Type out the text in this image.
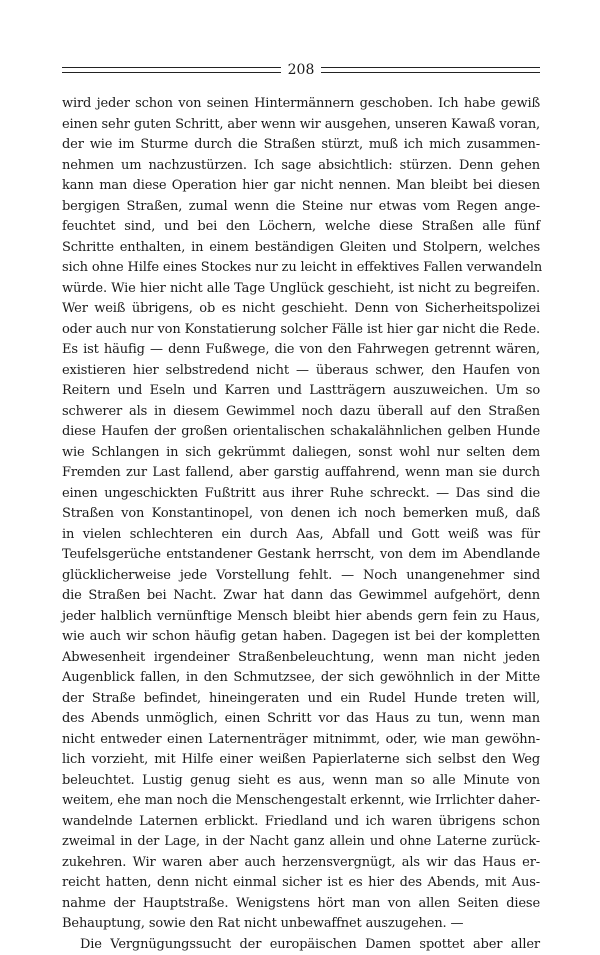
208
wird jeder schon von seinen Hintermännern geschoben. Ich habe gewiß
einen sehr guten Schritt, aber wenn wir ausgehen, unseren Kawaß voran,
der wie im Sturme durch die Straßen stürzt, muß ich mich zusammen-
nehmen um nachzustürzen. Ich sage absichtlich: stürzen. Denn gehen
kann man diese Operation hier gar nicht nennen. Man bleibt bei diesen
bergigen Straßen, zumal wenn die Steine nur etwas vom Regen ange-
feuchtet sind, und bei den Löchern, welche diese Straßen alle fünf
Schritte enthalten, in einem beständigen Gleiten und Stolpern, welches
sich ohne Hilfe eines Stockes nur zu leicht in effektives Fallen verwandeln
würde. Wie hier nicht alle Tage Unglück geschieht, ist nicht zu begreifen.
Wer weiß übrigens, ob es nicht geschieht. Denn von Sicherheitspolizei
oder auch nur von Konstatierung solcher Fälle ist hier gar nicht die Rede.
Es ist häufig — denn Fußwege, die von den Fahrwegen getrennt wären,
existieren hier selbstredend nicht — überaus schwer, den Haufen von
Reitern und Eseln und Karren und Lastträgern auszuweichen. Um so
schwerer als in diesem Gewimmel noch dazu überall auf den Straßen
diese Haufen der großen orientalischen schakalähnlichen gelben Hunde
wie Schlangen in sich gekrümmt daliegen, sonst wohl nur selten dem
Fremden zur Last fallend, aber garstig auffahrend, wenn man sie durch
einen ungeschickten Fußtritt aus ihrer Ruhe schreckt. — Das sind die
Straßen von Konstantinopel, von denen ich noch bemerken muß, daß
in vielen schlechteren ein durch Aas, Abfall und Gott weiß was für
Teufelsgerüche entstandener Gestank herrscht, von dem im Abendlande
glücklicherweise jede Vorstellung fehlt. — Noch unangenehmer sind
die Straßen bei Nacht. Zwar hat dann das Gewimmel aufgehört, denn
jeder halblich vernünftige Mensch bleibt hier abends gern fein zu Haus,
wie auch wir schon häufig getan haben. Dagegen ist bei der kompletten
Abwesenheit irgendeiner Straßenbeleuchtung, wenn man nicht jeden
Augenblick fallen, in den Schmutzsee, der sich gewöhnlich in der Mitte
der Straße befindet, hineingeraten und ein Rudel Hunde treten will,
des Abends unmöglich, einen Schritt vor das Haus zu tun, wenn man
nicht entweder einen Laternenträger mitnimmt, oder, wie man gewöhn-
lich vorzieht, mit Hilfe einer weißen Papierlaterne sich selbst den Weg
beleuchtet. Lustig genug sieht es aus, wenn man so alle Minute von
weitem, ehe man noch die Menschengestalt erkennt, wie Irrlichter daher-
wandelnde Laternen erblickt. Friedland und ich waren übrigens schon
zweimal in der Lage, in der Nacht ganz allein und ohne Laterne zurück-
zukehren. Wir waren aber auch herzensvergnügt, als wir das Haus er-
reicht hatten, denn nicht einmal sicher ist es hier des Abends, mit Aus-
nahme der Hauptstraße. Wenigstens hört man von allen Seiten diese
Behauptung, sowie den Rat nicht unbewaffnet auszugehen. —
Die Vergnügungssucht der europäischen Damen spottet aber aller
